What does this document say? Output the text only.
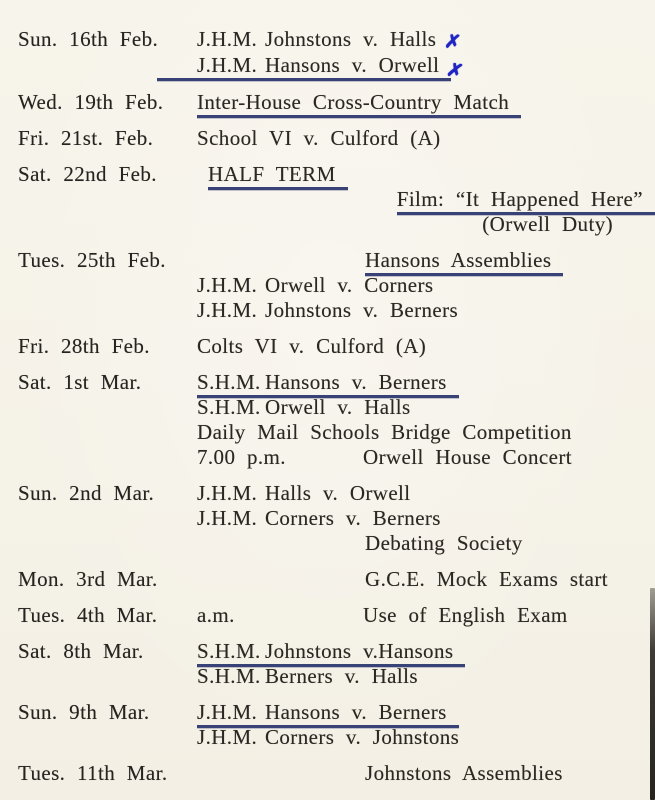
Sun. 16th Feb.	J.H.M. Johnstons v. Halls ✗
J.H.M. Hansons v. Orwell ✗
Wed. 19th Feb.	Inter-House Cross-Country Match
Fri. 21st. Feb.	School VI v. Culford (A)
Sat. 22nd Feb.	HALF TERM
Film: “It Happened Here”
(Orwell Duty)
Tues. 25th Feb.	Hansons Assemblies
J.H.M. Orwell v. Corners
J.H.M. Johnstons v. Berners
Fri. 28th Feb.	Colts VI v. Culford (A)
Sat. 1st Mar.	S.H.M. Hansons v. Berners
S.H.M. Orwell v. Halls
Daily Mail Schools Bridge Competition
7.00 p.m.	Orwell House Concert
Sun. 2nd Mar.	J.H.M. Halls v. Orwell
J.H.M. Corners v. Berners
Debating Society
Mon. 3rd Mar.	G.C.E. Mock Exams start
Tues. 4th Mar.	a.m.	Use of English Exam
Sat. 8th Mar.	S.H.M. Johnstons v.Hansons
S.H.M. Berners v. Halls
Sun. 9th Mar.	J.H.M. Hansons v. Berners
J.H.M. Corners v. Johnstons
Tues. 11th Mar.	Johnstons Assemblies
